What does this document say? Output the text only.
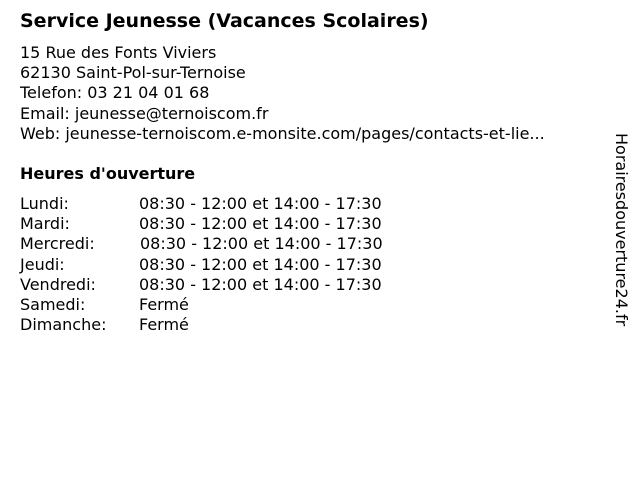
Service Jeunesse (Vacances Scolaires)
15 Rue des Fonts Viviers
62130 Saint-Pol-sur-Ternoise
Telefon: 03 21 04 01 68
Email: jeunesse@ternoiscom.fr
Web: jeunesse-ternoiscom.e-monsite.com/pages/contacts-et-lie...
Heures d'ouverture
Lundi:	08:30 - 12:00 et 14:00 - 17:30
Mardi:	08:30 - 12:00 et 14:00 - 17:30
Mercredi:	08:30 - 12:00 et 14:00 - 17:30
Jeudi:	08:30 - 12:00 et 14:00 - 17:30
Vendredi:	08:30 - 12:00 et 14:00 - 17:30
Samedi:	Fermé
Dimanche: Fermé	Horairesdouverture24.fr
